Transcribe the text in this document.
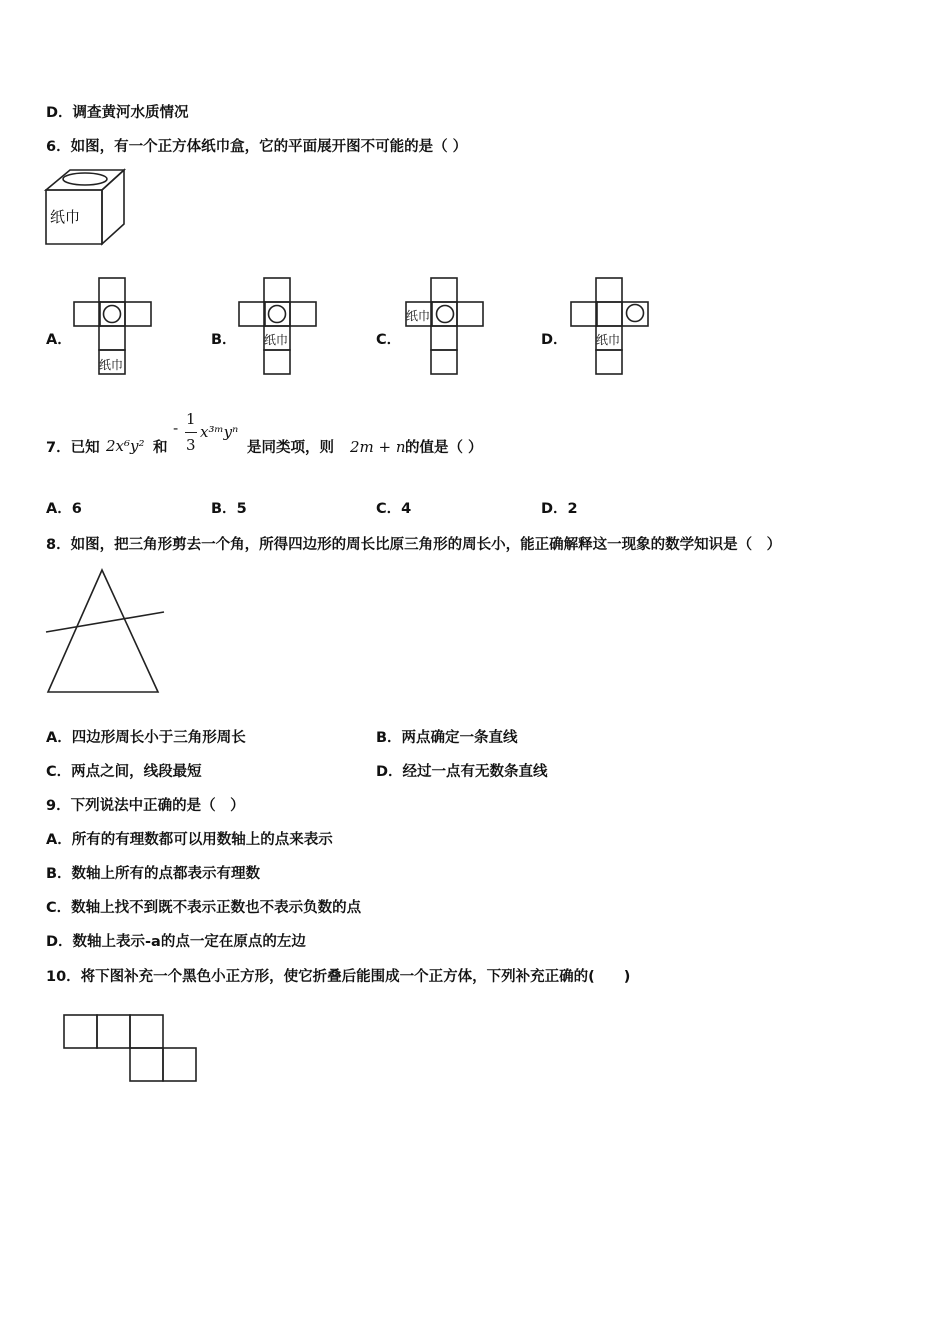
D．调查黄河水质情况
6．如图，有一个正方体纸巾盒，它的平面展开图不可能的是（ ）
纸巾
A．
纸巾
B． 纸巾	C．
纸巾
D． 纸巾
7．已知 2x⁶y² 和
-
1
3
x³ᵐyⁿ
是同类项，则 2m + n 的值是（ ）
A．6	B．5	C．4	D．2
8．如图，把三角形剪去一个角，所得四边形的周长比原三角形的周长小，能正确解释这一现象的数学知识是（　）
A．四边形周长小于三角形周长	B．两点确定一条直线
C．两点之间，线段最短	D．经过一点有无数条直线
9．下列说法中正确的是（　）
A．所有的有理数都可以用数轴上的点来表示
B．数轴上所有的点都表示有理数
C．数轴上找不到既不表示正数也不表示负数的点
D．数轴上表示-a的点一定在原点的左边
10．将下图补充一个黑色小正方形，使它折叠后能围成一个正方体，下列补充正确的(　　)
